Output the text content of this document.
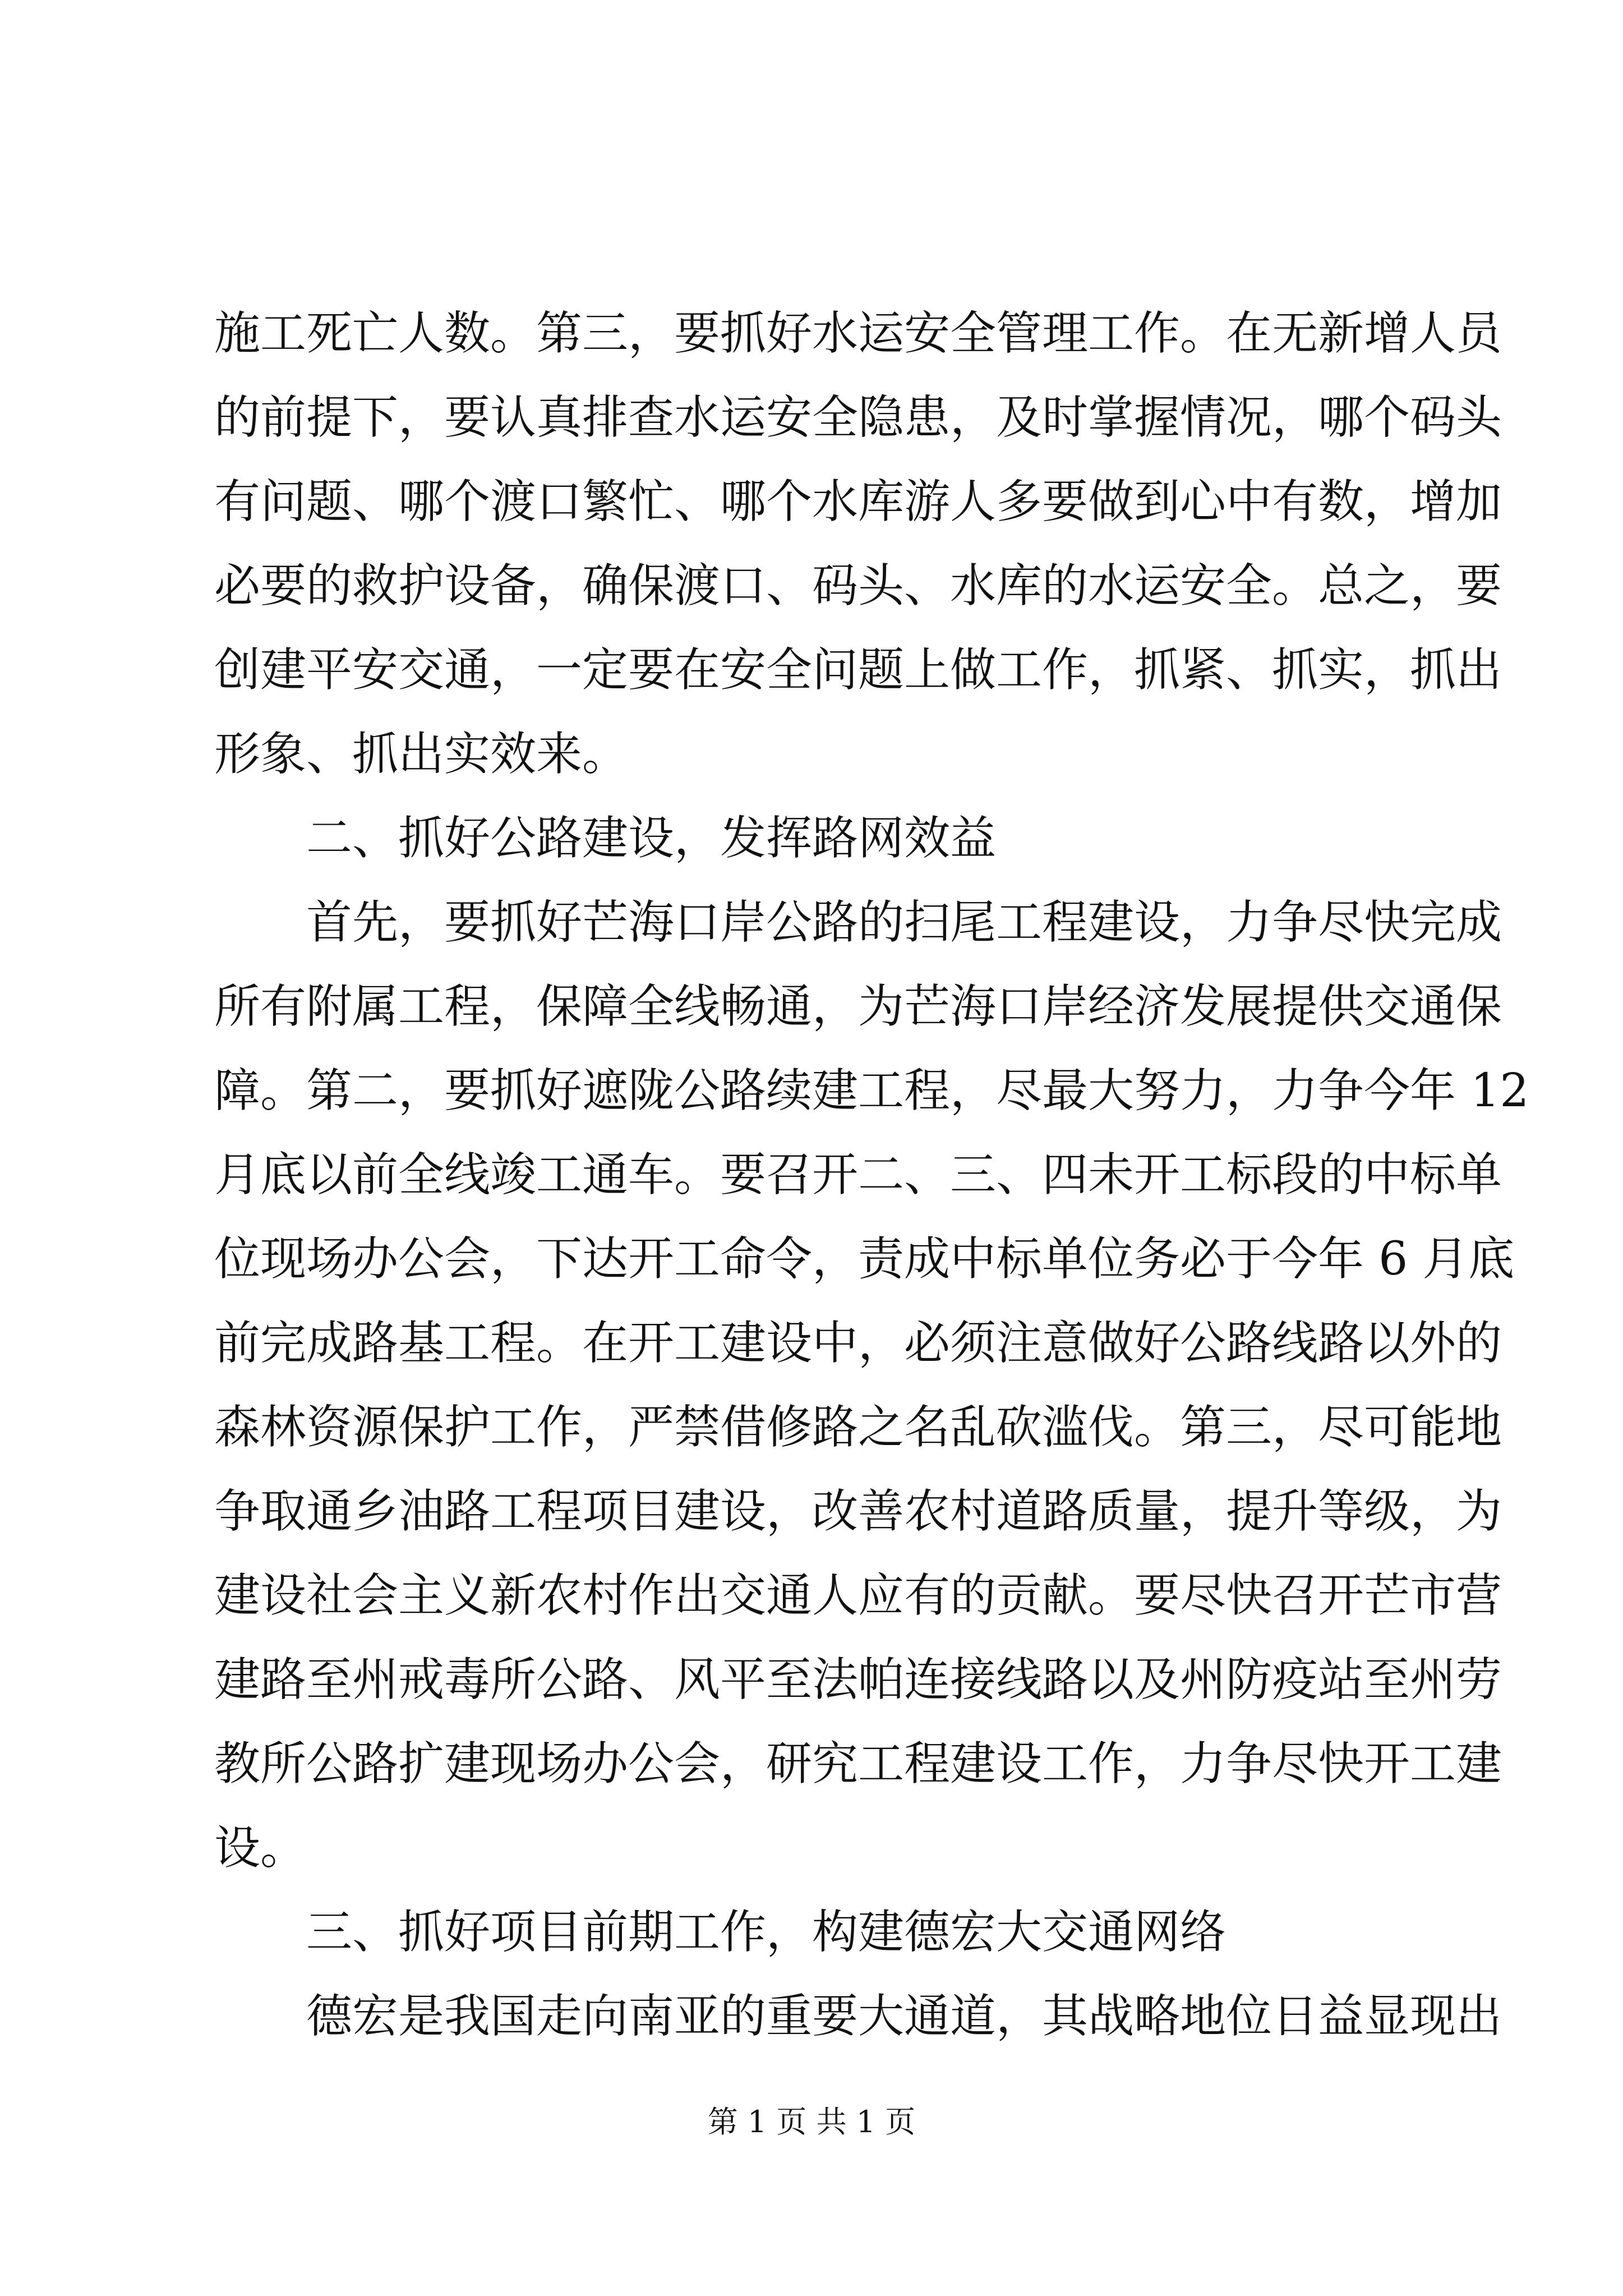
施工死亡人数。第三，要抓好水运安全管理工作。在无新增人员
的前提下，要认真排查水运安全隐患，及时掌握情况，哪个码头
有问题、哪个渡口繁忙、哪个水库游人多要做到心中有数，增加
必要的救护设备，确保渡口、码头、水库的水运安全。总之，要
创建平安交通，一定要在安全问题上做工作，抓紧、抓实，抓出
形象、抓出实效来。
二、抓好公路建设，发挥路网效益
首先，要抓好芒海口岸公路的扫尾工程建设，力争尽快完成
所有附属工程，保障全线畅通，为芒海口岸经济发展提供交通保
障。第二，要抓好遮陇公路续建工程，尽最大努力，力争今年 12
月底以前全线竣工通车。要召开二、三、四未开工标段的中标单
位现场办公会，下达开工命令，责成中标单位务必于今年 6 月底
前完成路基工程。在开工建设中，必须注意做好公路线路以外的
森林资源保护工作，严禁借修路之名乱砍滥伐。第三，尽可能地
争取通乡油路工程项目建设，改善农村道路质量，提升等级，为
建设社会主义新农村作出交通人应有的贡献。要尽快召开芒市营
建路至州戒毒所公路、风平至法帕连接线路以及州防疫站至州劳
教所公路扩建现场办公会，研究工程建设工作，力争尽快开工建
设。
三、抓好项目前期工作，构建德宏大交通网络
德宏是我国走向南亚的重要大通道，其战略地位日益显现出
第 1 页 共 1 页
